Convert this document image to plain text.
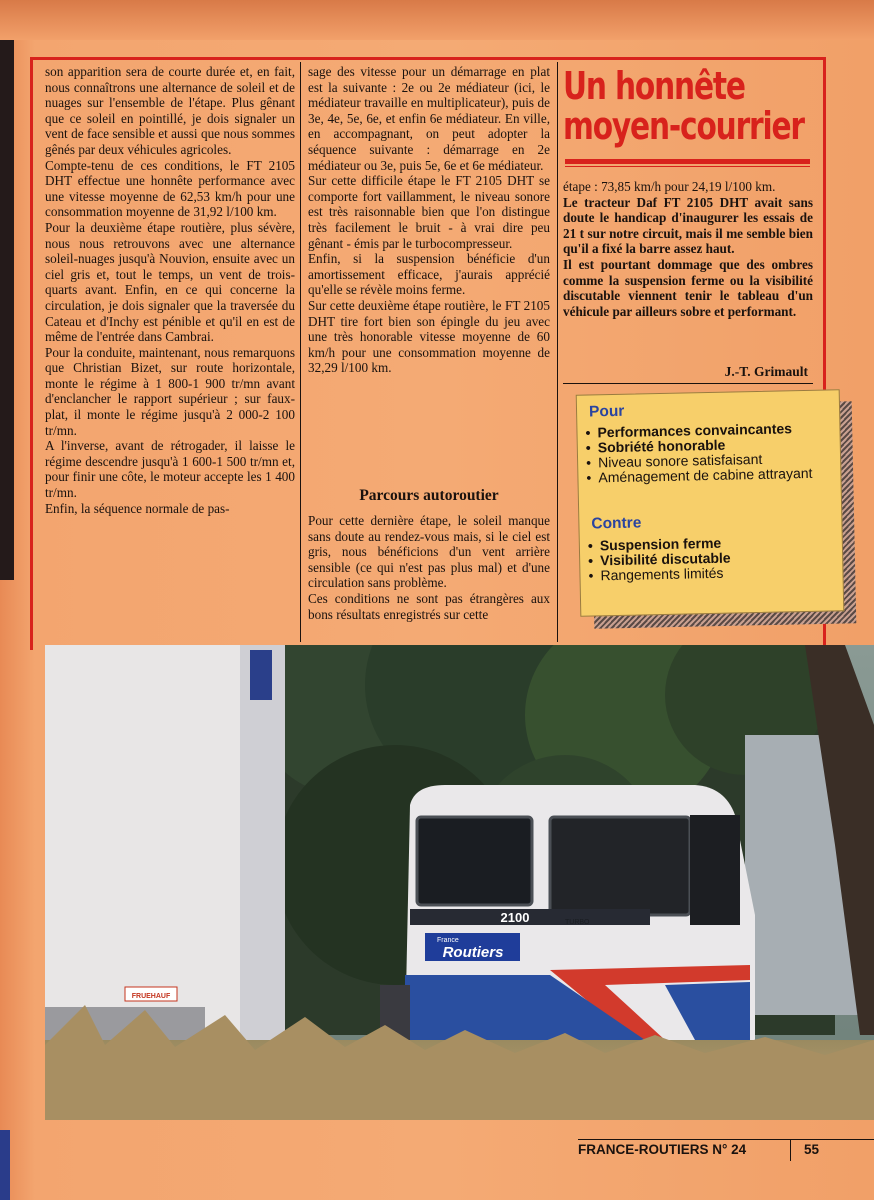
son apparition sera de courte durée et, en fait, nous connaîtrons une alternance de soleil et de nuages sur l'ensemble de l'étape. Plus gênant que ce soleil en pointillé, je dois signaler un vent de face sensible et aussi que nous sommes gênés par deux véhicules agricoles.

Compte-tenu de ces conditions, le FT 2105 DHT effectue une honnête performance avec une vitesse moyenne de 62,53 km/h pour une consommation moyenne de 31,92 l/100 km.

Pour la deuxième étape routière, plus sévère, nous nous retrouvons avec une alternance soleil-nuages jusqu'à Nouvion, ensuite avec un ciel gris et, tout le temps, un vent de trois-quarts avant. Enfin, en ce qui concerne la circulation, je dois signaler que la traversée du Cateau et d'Inchy est pénible et qu'il en est de même de l'entrée dans Cambrai.

Pour la conduite, maintenant, nous remarquons que Christian Bizet, sur route horizontale, monte le régime à 1 800-1 900 tr/mn avant d'enclancher le rapport supérieur ; sur faux-plat, il monte le régime jusqu'à 2 000-2 100 tr/mn.

A l'inverse, avant de rétrogader, il laisse le régime descendre jusqu'à 1 600-1 500 tr/mn et, pour finir une côte, le moteur accepte les 1 400 tr/mn.

Enfin, la séquence normale de pas-

sage des vitesse pour un démarrage en plat est la suivante : 2e ou 2e médiateur (ici, le médiateur travaille en multiplicateur), puis de 3e, 4e, 5e, 6e, et enfin 6e médiateur. En ville, en accompagnant, on peut adopter la séquence suivante : démarrage en 2e médiateur ou 3e, puis 5e, 6e et 6e médiateur.

Sur cette difficile étape le FT 2105 DHT se comporte fort vaillamment, le niveau sonore est très raisonnable bien que l'on distingue très facilement le bruit - à vrai dire peu gênant - émis par le turbocompresseur.

Enfin, si la suspension bénéficie d'un amortissement efficace, j'aurais apprécié qu'elle se révèle moins ferme.

Sur cette deuxième étape routière, le FT 2105 DHT tire fort bien son épingle du jeu avec une très honorable vitesse moyenne de 60 km/h pour une consommation moyenne de 32,29 l/100 km.

Parcours autoroutier

Pour cette dernière étape, le soleil manque sans doute au rendez-vous mais, si le ciel est gris, nous bénéficions d'un vent arrière sensible (ce qui n'est pas plus mal) et d'une circulation sans problème.

Ces conditions ne sont pas étrangères aux bons résultats enregistrés sur cette

Un honnête
moyen-courrier

étape : 73,85 km/h pour 24,19 l/100 km.

Le tracteur Daf FT 2105 DHT avait sans doute le handicap d'inaugurer les essais de 21 t sur notre circuit, mais il me semble bien qu'il a fixé la barre assez haut.

Il est pourtant dommage que des ombres comme la suspension ferme ou la visibilité discutable viennent tenir le tableau d'un véhicule par ailleurs sobre et performant.

J.-T. Grimault
Pour
• Performances convaincantes
• Sobriété honorable
• Niveau sonore satisfaisant
• Aménagement de cabine attrayant
Contre
• Suspension ferme
• Visibilité discutable
• Rangements limités
FRUEHAUF
2100	TURBO
France
Routiers
FRANCE-ROUTIERS N° 24	55
